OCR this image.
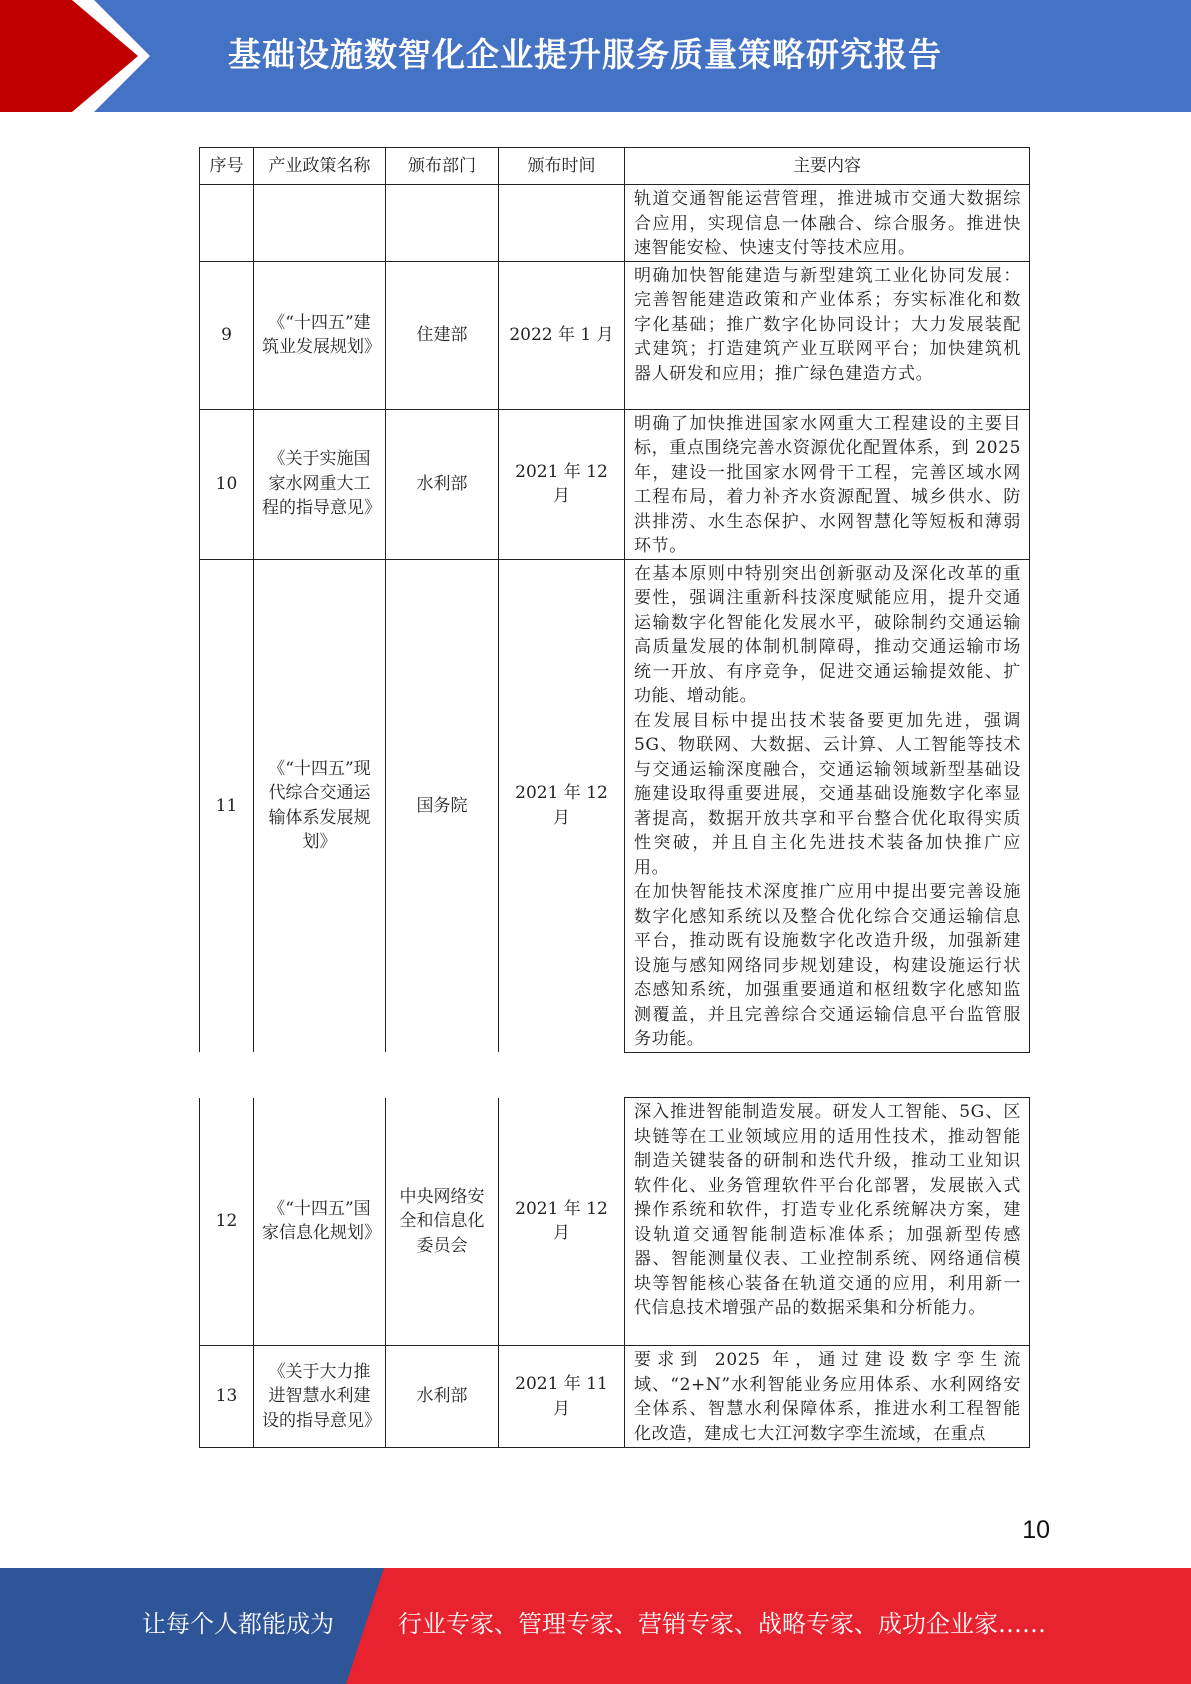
基础设施数智化企业提升服务质量策略研究报告
序号	产业政策名称	颁布部门	颁布时间	主要内容
				轨道交通智能运营管理，推进城市交通大数据综合应用，实现信息一体融合、综合服务。推进快速智能安检、快速支付等技术应用。
9	《“十四五”建筑业发展规划》	住建部	2022 年 1 月	明确加快智能建造与新型建筑工业化协同发展：完善智能建造政策和产业体系；夯实标准化和数字化基础；推广数字化协同设计；大力发展装配式建筑；打造建筑产业互联网平台；加快建筑机器人研发和应用；推广绿色建造方式。
10	《关于实施国家水网重大工程的指导意见》	水利部	2021 年 12 月	明确了加快推进国家水网重大工程建设的主要目标，重点围绕完善水资源优化配置体系，到 2025 年，建设一批国家水网骨干工程，完善区域水网工程布局，着力补齐水资源配置、城乡供水、防洪排涝、水生态保护、水网智慧化等短板和薄弱环节。
11	《“十四五”现代综合交通运输体系发展规划》	国务院	2021 年 12 月	在基本原则中特别突出创新驱动及深化改革的重要性，强调注重新科技深度赋能应用，提升交通运输数字化智能化发展水平，破除制约交通运输高质量发展的体制机制障碍，推动交通运输市场统一开放、有序竞争，促进交通运输提效能、扩功能、增动能。
在发展目标中提出技术装备要更加先进，强调5G、物联网、大数据、云计算、人工智能等技术与交通运输深度融合，交通运输领域新型基础设施建设取得重要进展，交通基础设施数字化率显著提高，数据开放共享和平台整合优化取得实质性突破，并且自主化先进技术装备加快推广应用。
在加快智能技术深度推广应用中提出要完善设施数字化感知系统以及整合优化综合交通运输信息平台，推动既有设施数字化改造升级，加强新建设施与感知网络同步规划建设，构建设施运行状态感知系统，加强重要通道和枢纽数字化感知监测覆盖，并且完善综合交通运输信息平台监管服务功能。
12	《“十四五”国家信息化规划》	中央网络安全和信息化委员会	2021 年 12 月	深入推进智能制造发展。研发人工智能、5G、区块链等在工业领域应用的适用性技术，推动智能制造关键装备的研制和迭代升级，推动工业知识软件化、业务管理软件平台化部署，发展嵌入式操作系统和软件，打造专业化系统解决方案，建设轨道交通智能制造标准体系；加强新型传感器、智能测量仪表、工业控制系统、网络通信模块等智能核心装备在轨道交通的应用，利用新一代信息技术增强产品的数据采集和分析能力。
13	《关于大力推进智慧水利建设的指导意见》	水利部	2021 年 11 月	要求到 2025 年，通过建设数字孪生流域、“2+N”水利智能业务应用体系、水利网络安全体系、智慧水利保障体系，推进水利工程智能化改造，建成七大江河数字孪生流域，在重点
10
让每个人都能成为	行业专家、管理专家、营销专家、战略专家、成功企业家……
